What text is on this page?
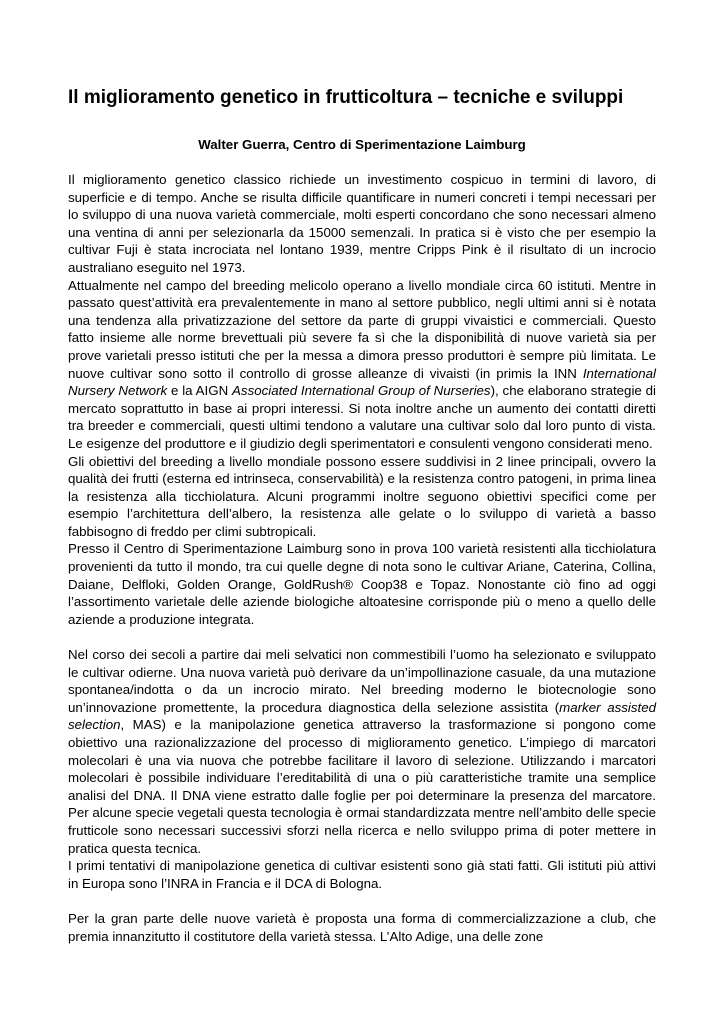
Il miglioramento genetico in frutticoltura – tecniche e sviluppi
Walter Guerra, Centro di Sperimentazione Laimburg

Il miglioramento genetico classico richiede un investimento cospicuo in termini di lavoro, di superficie e di tempo. Anche se risulta difficile quantificare in numeri concreti i tempi necessari per lo sviluppo di una nuova varietà commerciale, molti esperti concordano che sono necessari almeno una ventina di anni per selezionarla da 15000 semenzali. In pratica si è visto che per esempio la cultivar Fuji è stata incrociata nel lontano 1939, mentre Cripps Pink è il risultato di un incrocio australiano eseguito nel 1973.

Attualmente nel campo del breeding melicolo operano a livello mondiale circa 60 istituti. Mentre in passato quest’attività era prevalentemente in mano al settore pubblico, negli ultimi anni si è notata una tendenza alla privatizzazione del settore da parte di gruppi vivaistici e commerciali. Questo fatto insieme alle norme brevettuali più severe fa sì che la disponibilità di nuove varietà sia per prove varietali presso istituti che per la messa a dimora presso produttori è sempre più limitata. Le nuove cultivar sono sotto il controllo di grosse alleanze di vivaisti (in primis la INN International Nursery Network e la AIGN Associated International Group of Nurseries), che elaborano strategie di mercato soprattutto in base ai propri interessi. Si nota inoltre anche un aumento dei contatti diretti tra breeder e commerciali, questi ultimi tendono a valutare una cultivar solo dal loro punto di vista. Le esigenze del produttore e il giudizio degli sperimentatori e consulenti vengono considerati meno.

Gli obiettivi del breeding a livello mondiale possono essere suddivisi in 2 linee principali, ovvero la qualità dei frutti (esterna ed intrinseca, conservabilità) e la resistenza contro patogeni, in prima linea la resistenza alla ticchiolatura. Alcuni programmi inoltre seguono obiettivi specifici come per esempio l’architettura dell’albero, la resistenza alle gelate o lo sviluppo di varietà a basso fabbisogno di freddo per climi subtropicali.

Presso il Centro di Sperimentazione Laimburg sono in prova 100 varietà resistenti alla ticchiolatura provenienti da tutto il mondo, tra cui quelle degne di nota sono le cultivar Ariane, Caterina, Collina, Daiane, Delfloki, Golden Orange, GoldRush® Coop38 e Topaz. Nonostante ciò fino ad oggi l’assortimento varietale delle aziende biologiche altoatesine corrisponde più o meno a quello delle aziende a produzione integrata.

Nel corso dei secoli a partire dai meli selvatici non commestibili l’uomo ha selezionato e sviluppato le cultivar odierne. Una nuova varietà può derivare da un’impollinazione casuale, da una mutazione spontanea/indotta o da un incrocio mirato. Nel breeding moderno le biotecnologie sono un’innovazione promettente, la procedura diagnostica della selezione assistita (marker assisted selection, MAS) e la manipolazione genetica attraverso la trasformazione si pongono come obiettivo una razionalizzazione del processo di miglioramento genetico. L’impiego di marcatori molecolari è una via nuova che potrebbe facilitare il lavoro di selezione. Utilizzando i marcatori molecolari è possibile individuare l’ereditabilità di una o più caratteristiche tramite una semplice analisi del DNA. Il DNA viene estratto dalle foglie per poi determinare la presenza del marcatore. Per alcune specie vegetali questa tecnologia è ormai standardizzata mentre nell’ambito delle specie frutticole sono necessari successivi sforzi nella ricerca e nello sviluppo prima di poter mettere in pratica questa tecnica.

I primi tentativi di manipolazione genetica di cultivar esistenti sono già stati fatti. Gli istituti più attivi in Europa sono l’INRA in Francia e il DCA di Bologna.

Per la gran parte delle nuove varietà è proposta una forma di commercializzazione a club, che premia innanzitutto il costitutore della varietà stessa. L’Alto Adige, una delle zone
